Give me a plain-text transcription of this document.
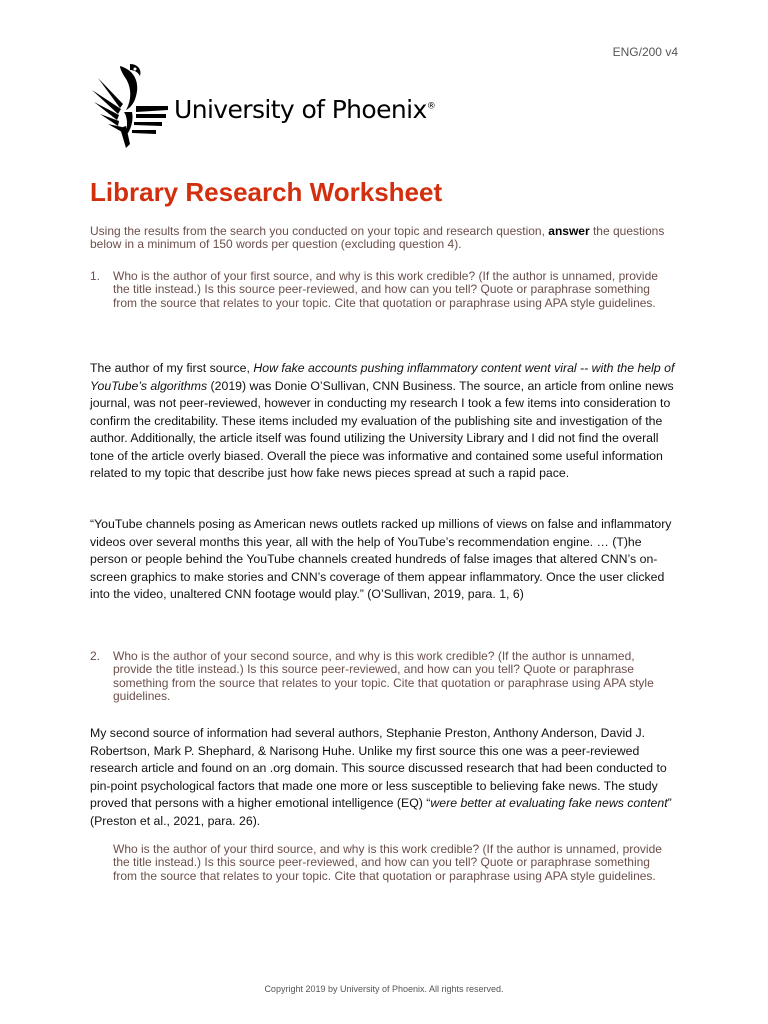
ENG/200 v4
University of Phoenix®
Library Research Worksheet

Using the results from the search you conducted on your topic and research question, answer the questions below in a minimum of 150 words per question (excluding question 4).

1.	Who is the author of your first source, and why is this work credible? (If the author is unnamed, provide the title instead.) Is this source peer-reviewed, and how can you tell? Quote or paraphrase something from the source that relates to your topic. Cite that quotation or paraphrase using APA style guidelines.

The author of my first source, How fake accounts pushing inflammatory content went viral -- with the help of YouTube’s algorithms (2019) was Donie O’Sullivan, CNN Business. The source, an article from online news journal, was not peer-reviewed, however in conducting my research I took a few items into consideration to confirm the creditability. These items included my evaluation of the publishing site and investigation of the author. Additionally, the article itself was found utilizing the University Library and I did not find the overall tone of the article overly biased. Overall the piece was informative and contained some useful information related to my topic that describe just how fake news pieces spread at such a rapid pace.

“YouTube channels posing as American news outlets racked up millions of views on false and inflammatory videos over several months this year, all with the help of YouTube’s recommendation engine. … (T)he person or people behind the YouTube channels created hundreds of false images that altered CNN’s on-screen graphics to make stories and CNN’s coverage of them appear inflammatory. Once the user clicked into the video, unaltered CNN footage would play.” (O’Sullivan, 2019, para. 1, 6)

2.	Who is the author of your second source, and why is this work credible? (If the author is unnamed, provide the title instead.) Is this source peer-reviewed, and how can you tell? Quote or paraphrase something from the source that relates to your topic. Cite that quotation or paraphrase using APA style guidelines.

My second source of information had several authors, Stephanie Preston, Anthony Anderson, David J. Robertson, Mark P. Shephard, & Narisong Huhe. Unlike my first source this one was a peer-reviewed research article and found on an .org domain. This source discussed research that had been conducted to pin-point psychological factors that made one more or less susceptible to believing fake news. The study proved that persons with a higher emotional intelligence (EQ) “were better at evaluating fake news content” (Preston et al., 2021, para. 26).

Who is the author of your third source, and why is this work credible? (If the author is unnamed, provide the title instead.) Is this source peer-reviewed, and how can you tell? Quote or paraphrase something from the source that relates to your topic. Cite that quotation or paraphrase using APA style guidelines.
Copyright 2019 by University of Phoenix. All rights reserved.
